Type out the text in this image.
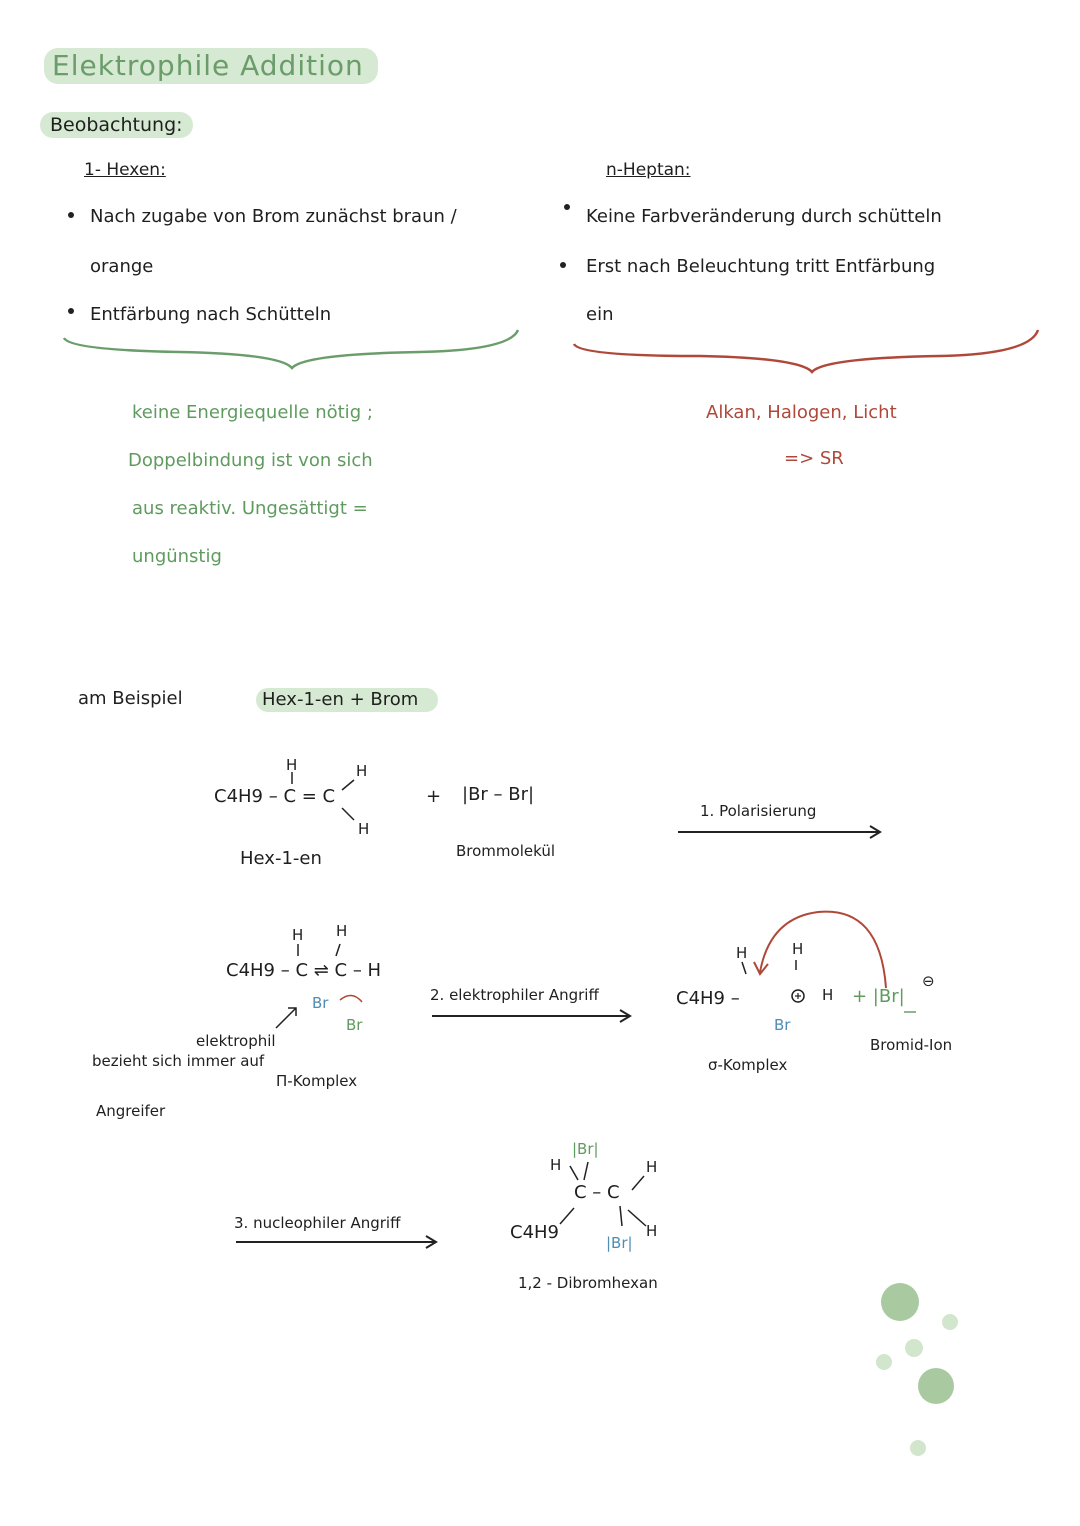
Elektrophile Addition
Beobachtung:
1- Hexen:
Nach zugabe von Brom zunächst braun /
orange
Entfärbung nach Schütteln
keine Energiequelle nötig ;
Doppelbindung ist von sich
aus reaktiv. Ungesättigt =
ungünstig
n-Heptan:
Keine Farbveränderung durch schütteln
Erst nach Beleuchtung tritt Entfärbung
ein
Alkan, Halogen, Licht
=> SR
am Beispiel	Hex-1-en + Brom
H	H
H
C4H9 – C = C
Hex-1-en
+ |Br – Br|
Brommolekül
1. Polarisierung
H H
C4H9 – C ⇌ C – H
Br
Br
elektrophil
bezieht sich immer auf
Angreifer
Π-Komplex
2. elektrophiler Angriff
H	H
H
C4H9 –
Br
σ-Komplex
+ |Br|
⊖
Bromid-Ion
3. nucleophiler Angriff
|Br|
H	H
C – C
H
C4H9	|Br|
1,2 - Dibromhexan
